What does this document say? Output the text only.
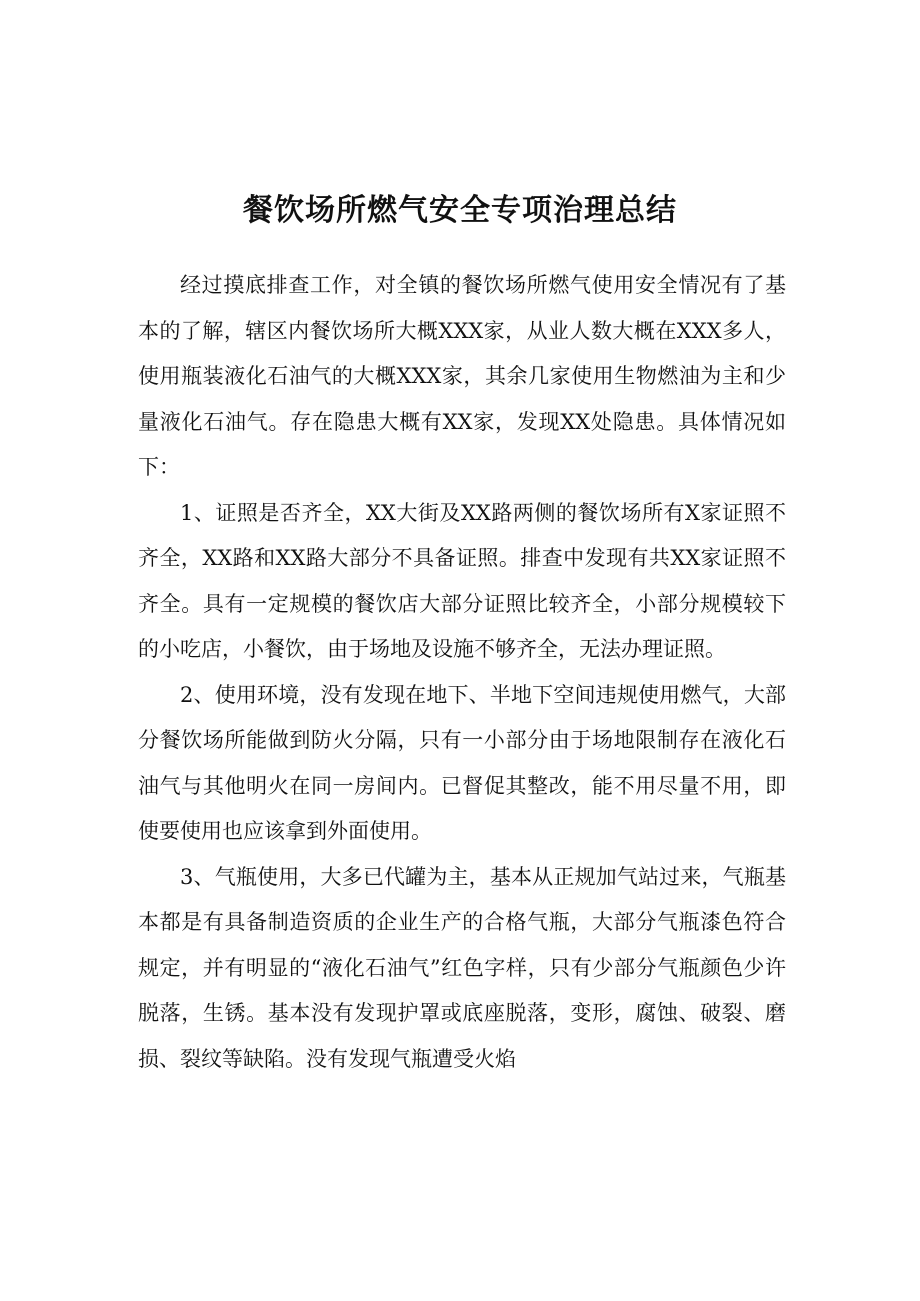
餐饮场所燃气安全专项治理总结

经过摸底排查工作，对全镇的餐饮场所燃气使用安全情况有了基本的了解，辖区内餐饮场所大概XXX家，从业人数大概在XXX多人，使用瓶装液化石油气的大概XXX家，其余几家使用生物燃油为主和少量液化石油气。存在隐患大概有XX家，发现XX处隐患。具体情况如下：

1、证照是否齐全，XX大街及XX路两侧的餐饮场所有X家证照不齐全，XX路和XX路大部分不具备证照。排查中发现有共XX家证照不齐全。具有一定规模的餐饮店大部分证照比较齐全，小部分规模较下的小吃店，小餐饮，由于场地及设施不够齐全，无法办理证照。

2、使用环境，没有发现在地下、半地下空间违规使用燃气，大部分餐饮场所能做到防火分隔，只有一小部分由于场地限制存在液化石油气与其他明火在同一房间内。已督促其整改，能不用尽量不用，即使要使用也应该拿到外面使用。

3、气瓶使用，大多已代罐为主，基本从正规加气站过来，气瓶基本都是有具备制造资质的企业生产的合格气瓶，大部分气瓶漆色符合规定，并有明显的“液化石油气”红色字样，只有少部分气瓶颜色少许脱落，生锈。基本没有发现护罩或底座脱落，变形，腐蚀、破裂、磨损、裂纹等缺陷。没有发现气瓶遭受火焰
